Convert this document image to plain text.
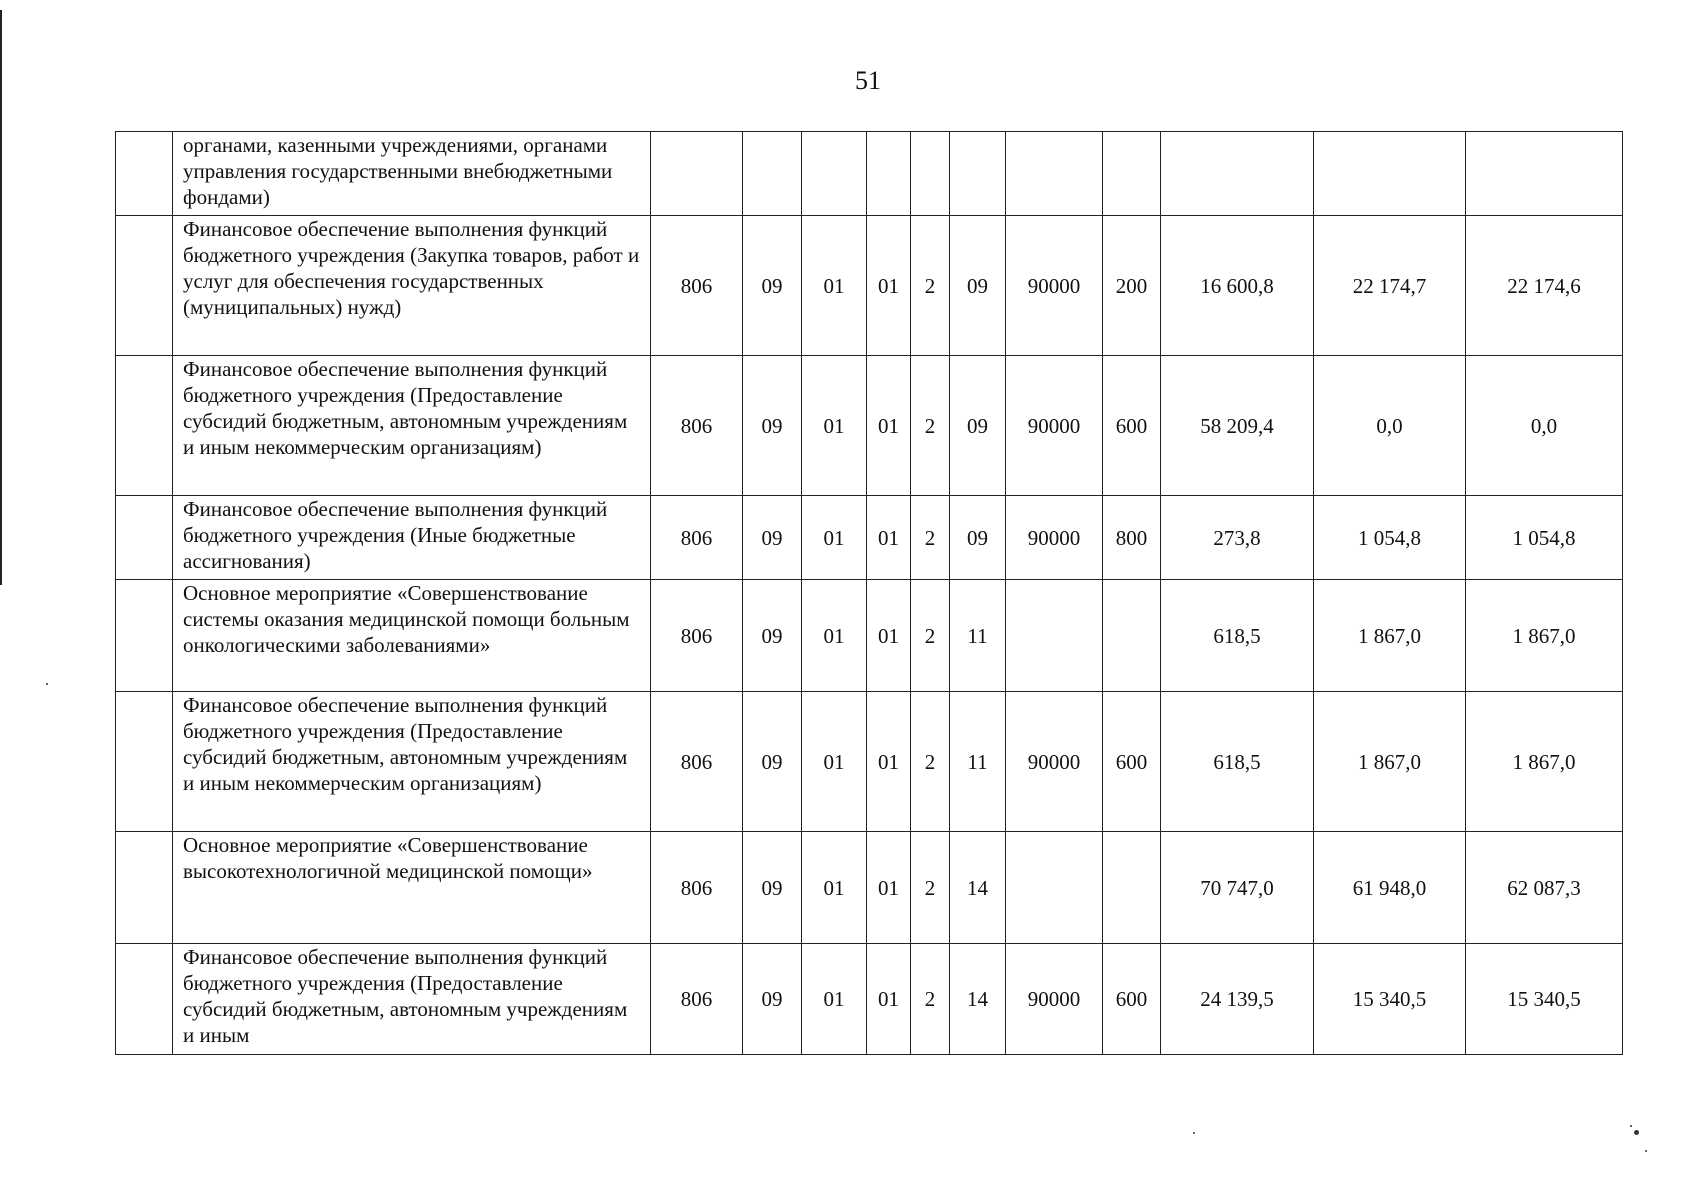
51
	органами, казенными учреждениями, органами управления государственными внебюджетными фондами)											
	Финансовое обеспечение выполнения функций бюджетного учреждения (Закупка товаров, работ и услуг для обеспечения государственных (муниципальных) нужд)	806	09	01	01	2	09	90000	200	16 600,8	22 174,7	22 174,6
	Финансовое обеспечение выполнения функций бюджетного учреждения (Предоставление субсидий бюджетным, автономным учреждениям и иным некоммерческим организациям)	806	09	01	01	2	09	90000	600	58 209,4	0,0	0,0
	Финансовое обеспечение выполнения функций бюджетного учреждения (Иные бюджетные ассигнования)	806	09	01	01	2	09	90000	800	273,8	1 054,8	1 054,8
	Основное мероприятие «Совершенствование системы оказания медицинской помощи больным онкологическими заболеваниями»	806	09	01	01	2	11			618,5	1 867,0	1 867,0
	Финансовое обеспечение выполнения функций бюджетного учреждения (Предоставление субсидий бюджетным, автономным учреждениям и иным некоммерческим организациям)	806	09	01	01	2	11	90000	600	618,5	1 867,0	1 867,0
	Основное мероприятие «Совершенствование высокотехнологичной медицинской помощи»	806	09	01	01	2	14			70 747,0	61 948,0	62 087,3
	Финансовое обеспечение выполнения функций бюджетного учреждения (Предоставление субсидий бюджетным, автономным учреждениям и иным	806	09	01	01	2	14	90000	600	24 139,5	15 340,5	15 340,5
